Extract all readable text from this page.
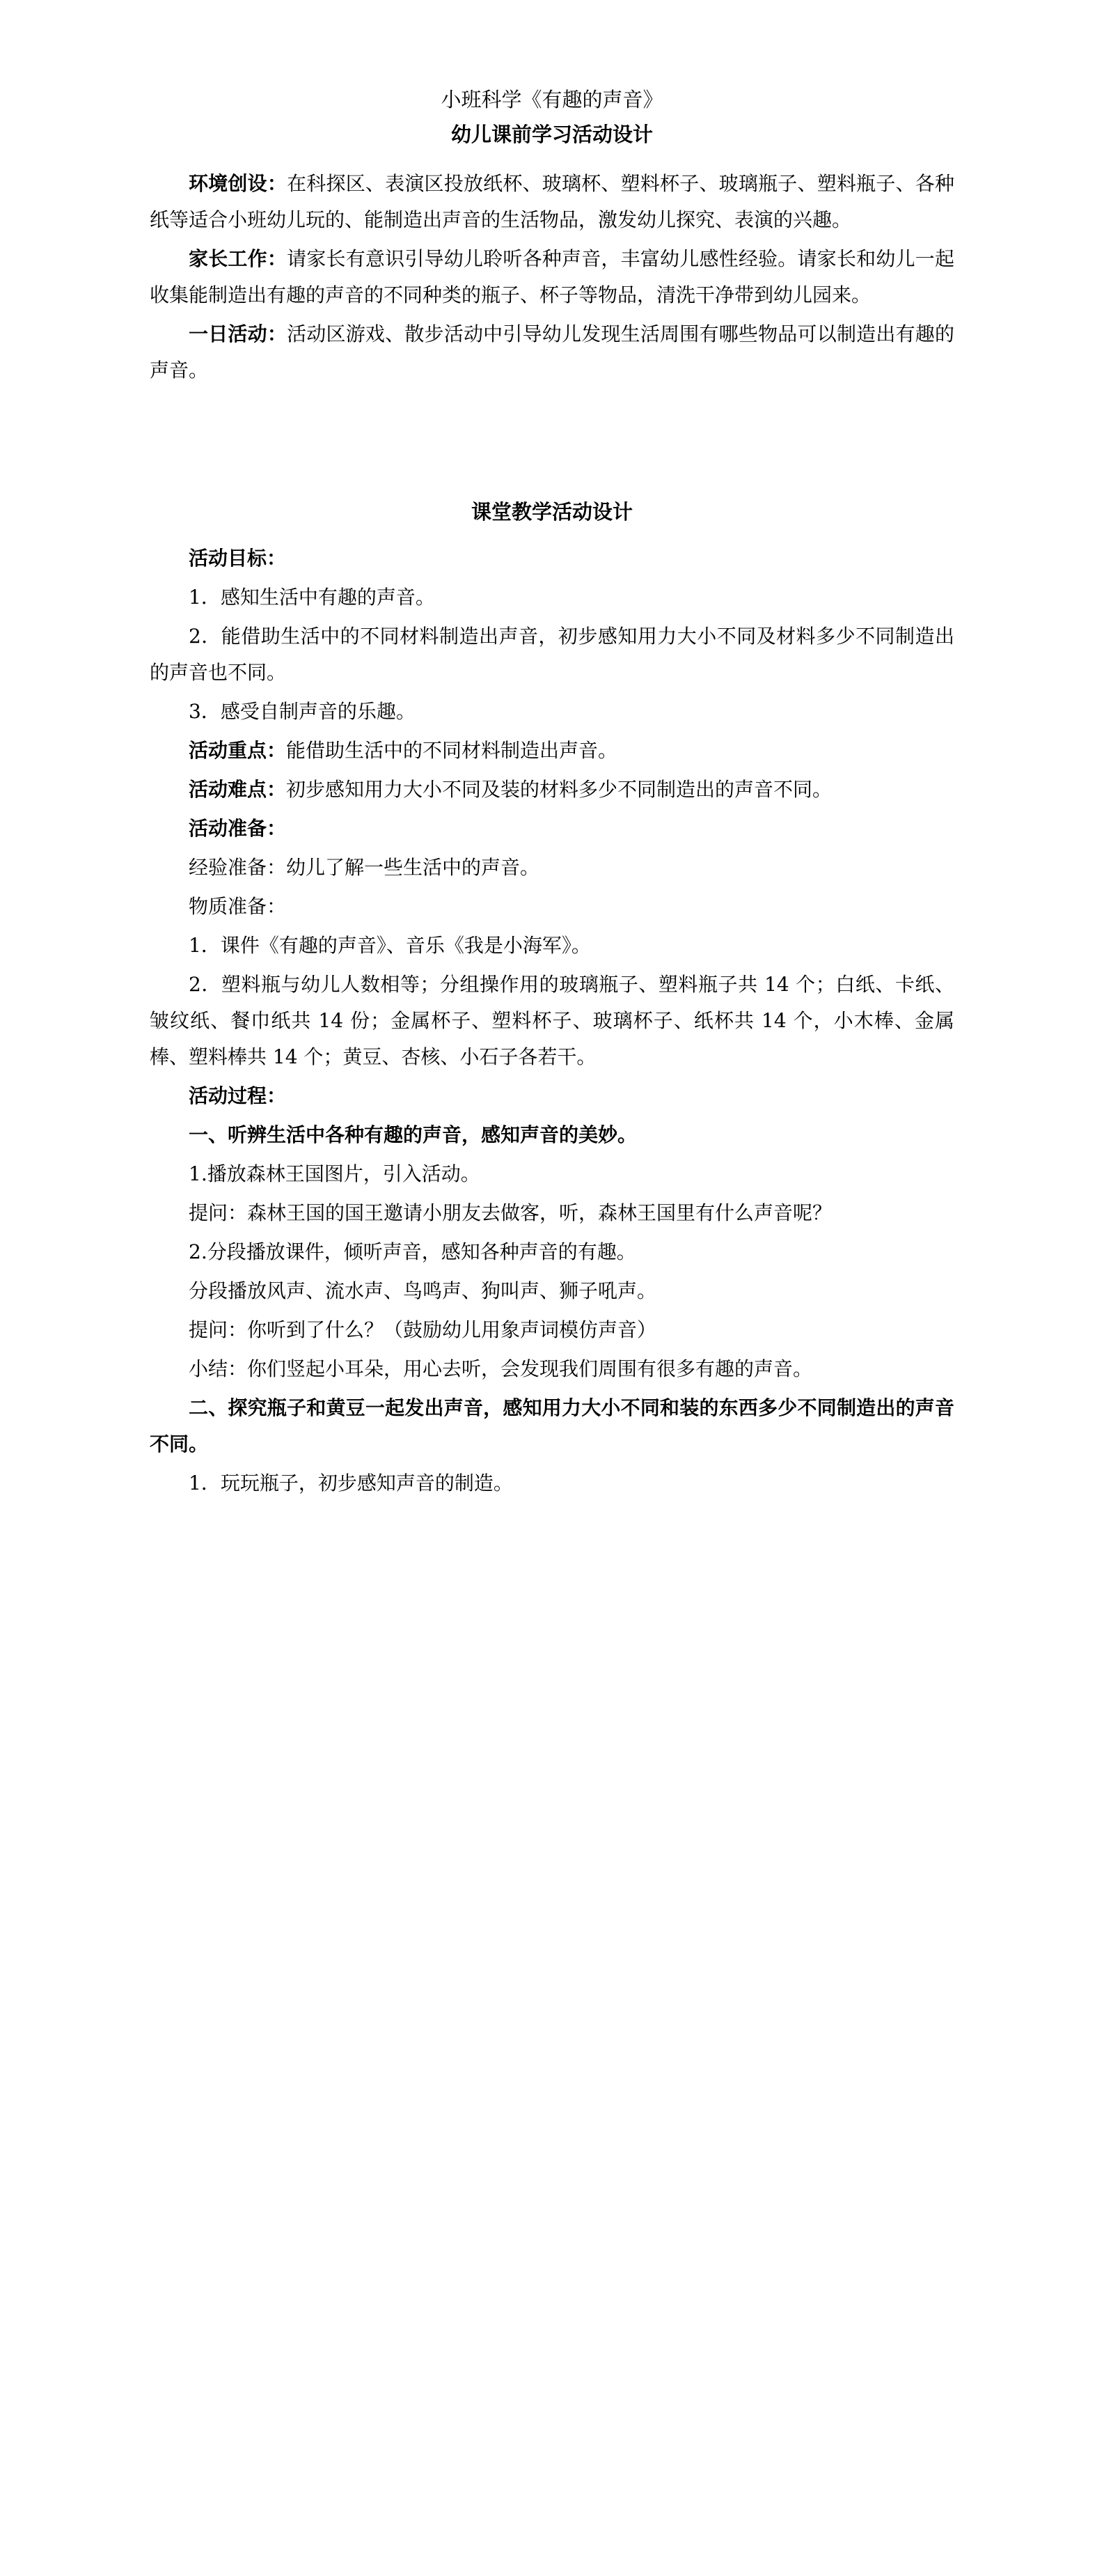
小班科学《有趣的声音》
幼儿课前学习活动设计

环境创设：在科探区、表演区投放纸杯、玻璃杯、塑料杯子、玻璃瓶子、塑料瓶子、各种纸等适合小班幼儿玩的、能制造出声音的生活物品，激发幼儿探究、表演的兴趣。

家长工作：请家长有意识引导幼儿聆听各种声音，丰富幼儿感性经验。请家长和幼儿一起收集能制造出有趣的声音的不同种类的瓶子、杯子等物品，清洗干净带到幼儿园来。

一日活动：活动区游戏、散步活动中引导幼儿发现生活周围有哪些物品可以制造出有趣的声音。

课堂教学活动设计

活动目标：

1．感知生活中有趣的声音。

2．能借助生活中的不同材料制造出声音，初步感知用力大小不同及材料多少不同制造出的声音也不同。

3．感受自制声音的乐趣。

活动重点：能借助生活中的不同材料制造出声音。

活动难点：初步感知用力大小不同及装的材料多少不同制造出的声音不同。

活动准备：

经验准备：幼儿了解一些生活中的声音。

物质准备：

1．课件《有趣的声音》、音乐《我是小海军》。

2．塑料瓶与幼儿人数相等；分组操作用的玻璃瓶子、塑料瓶子共 14 个；白纸、卡纸、皱纹纸、餐巾纸共 14 份；金属杯子、塑料杯子、玻璃杯子、纸杯共 14 个，小木棒、金属棒、塑料棒共 14 个；黄豆、杏核、小石子各若干。

活动过程：

一、听辨生活中各种有趣的声音，感知声音的美妙。

1.播放森林王国图片，引入活动。

提问：森林王国的国王邀请小朋友去做客，听，森林王国里有什么声音呢？

2.分段播放课件，倾听声音，感知各种声音的有趣。

分段播放风声、流水声、鸟鸣声、狗叫声、狮子吼声。

提问：你听到了什么？（鼓励幼儿用象声词模仿声音）

小结：你们竖起小耳朵，用心去听，会发现我们周围有很多有趣的声音。

二、探究瓶子和黄豆一起发出声音，感知用力大小不同和装的东西多少不同制造出的声音不同。

1．玩玩瓶子，初步感知声音的制造。
